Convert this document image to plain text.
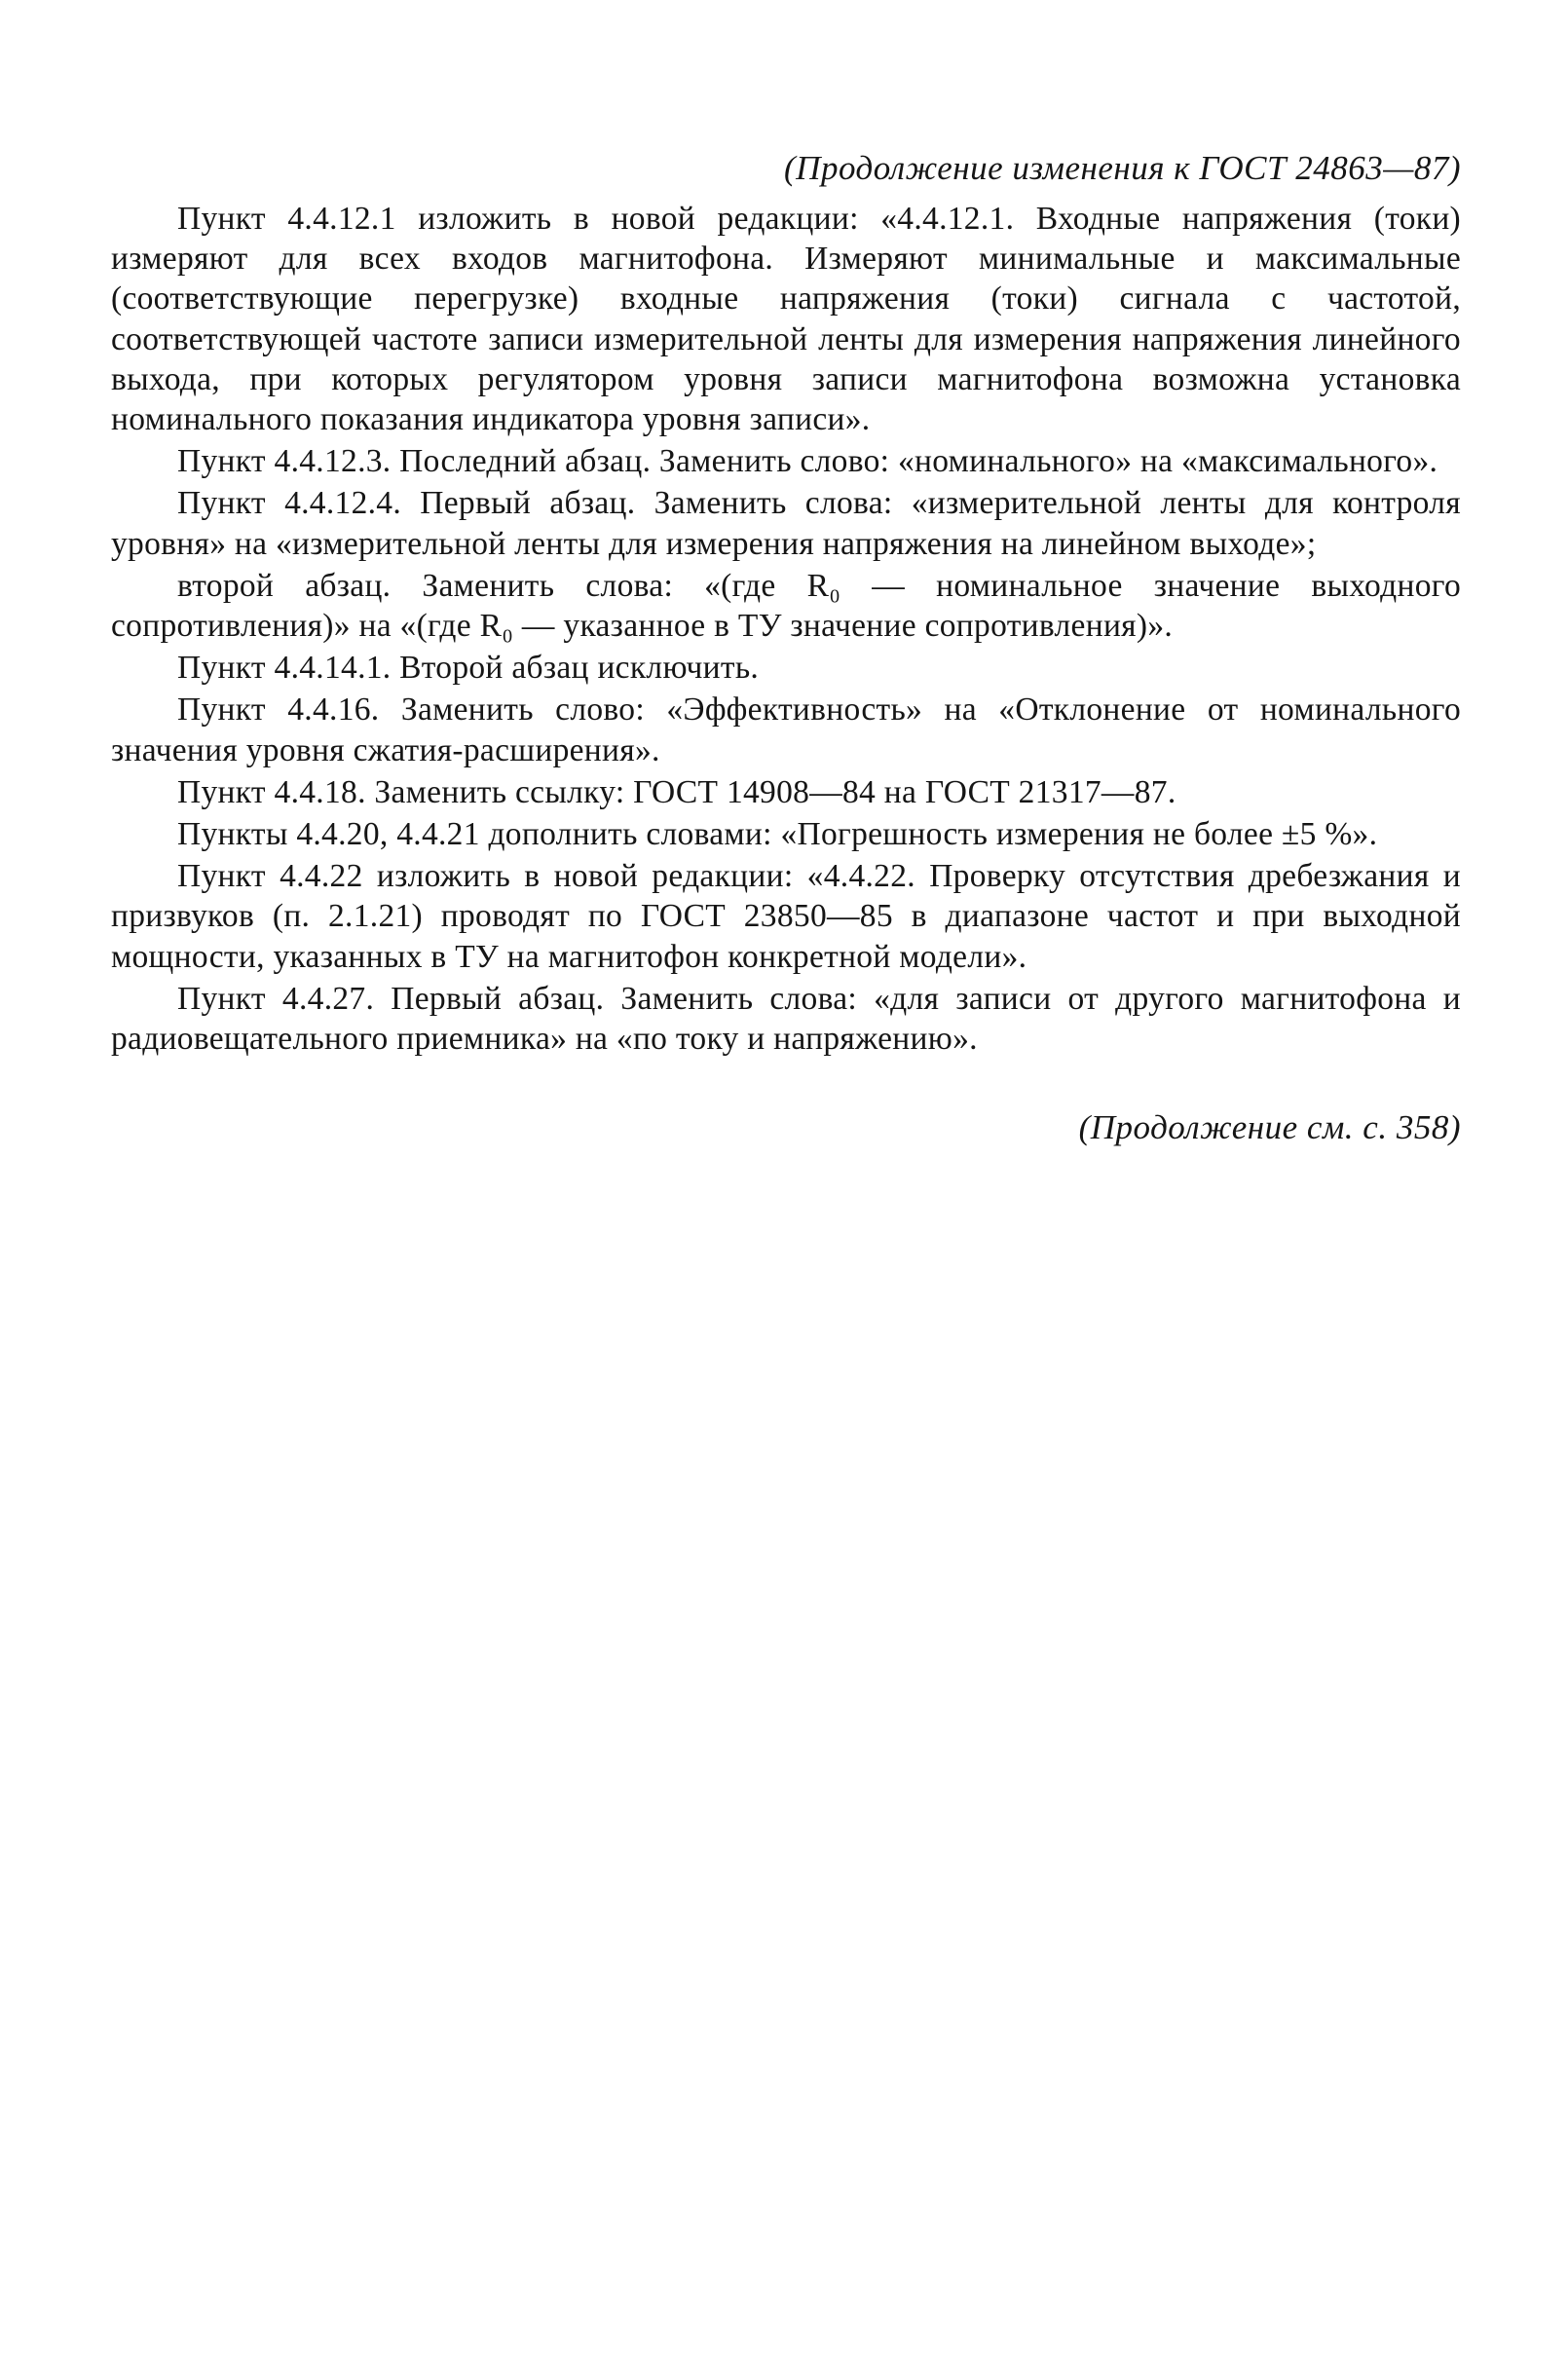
(Продолжение изменения к ГОСТ 24863—87)

Пункт 4.4.12.1 изложить в новой редакции: «4.4.12.1. Входные напряжения (токи) измеряют для всех входов магнитофона. Измеряют минимальные и максимальные (соответствующие перегрузке) входные напряжения (токи) сигнала с частотой, соответствующей частоте записи измерительной ленты для измерения напряжения линейного выхода, при которых регулятором уровня записи магнитофона возможна установка номинального показания индикатора уровня записи».

Пункт 4.4.12.3. Последний абзац. Заменить слово: «номинального» на «максимального».

Пункт 4.4.12.4. Первый абзац. Заменить слова: «измерительной ленты для контроля уровня» на «измерительной ленты для измерения напряжения на линейном выходе»;

второй абзац. Заменить слова: «(где R₀ — номинальное значение выходного сопротивления)» на «(где R₀ — указанное в ТУ значение сопротивления)».

Пункт 4.4.14.1. Второй абзац исключить.

Пункт 4.4.16. Заменить слово: «Эффективность» на «Отклонение от номинального значения уровня сжатия-расширения».

Пункт 4.4.18. Заменить ссылку: ГОСТ 14908—84 на ГОСТ 21317—87.

Пункты 4.4.20, 4.4.21 дополнить словами: «Погрешность измерения не более ±5 %».

Пункт 4.4.22 изложить в новой редакции: «4.4.22. Проверку отсутствия дребезжания и призвуков (п. 2.1.21) проводят по ГОСТ 23850—85 в диапазоне частот и при выходной мощности, указанных в ТУ на магнитофон конкретной модели».

Пункт 4.4.27. Первый абзац. Заменить слова: «для записи от другого магнитофона и радиовещательного приемника» на «по току и напряжению».

(Продолжение см. с. 358)
